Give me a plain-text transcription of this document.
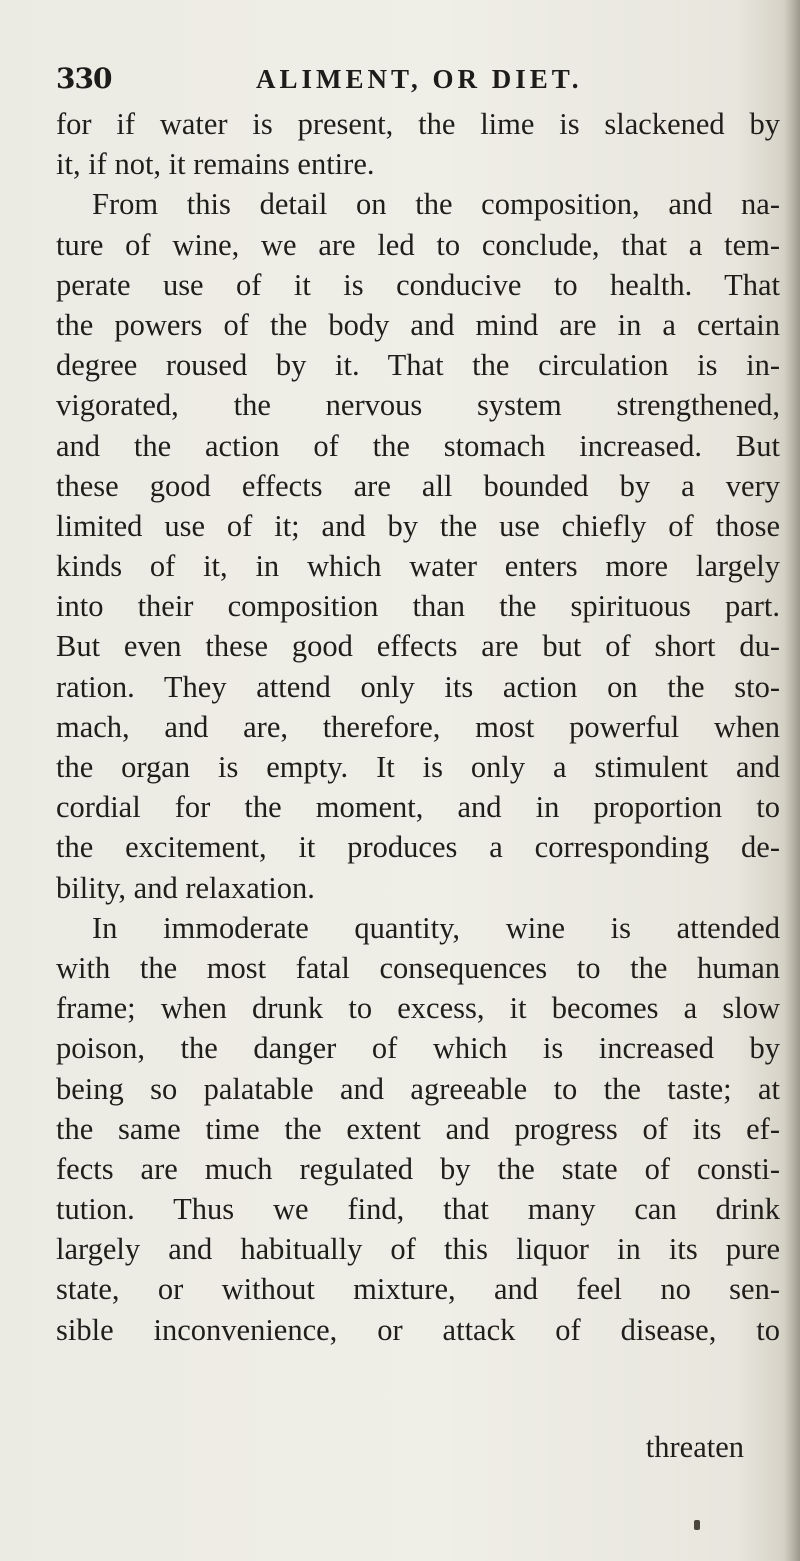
330	ALIMENT, OR DIET.
for if water is present, the lime is slackened by
it, if not, it remains entire.
From this detail on the composition, and na-
ture of wine, we are led to conclude, that a tem-
perate use of it is conducive to health. That
the powers of the body and mind are in a certain
degree roused by it. That the circulation is in-
vigorated, the nervous system strengthened,
and the action of the stomach increased. But
these good effects are all bounded by a very
limited use of it; and by the use chiefly of those
kinds of it, in which water enters more largely
into their composition than the spirituous part.
But even these good effects are but of short du-
ration. They attend only its action on the sto-
mach, and are, therefore, most powerful when
the organ is empty. It is only a stimulent and
cordial for the moment, and in proportion to
the excitement, it produces a corresponding de-
bility, and relaxation.
In immoderate quantity, wine is attended
with the most fatal consequences to the human
frame; when drunk to excess, it becomes a slow
poison, the danger of which is increased by
being so palatable and agreeable to the taste; at
the same time the extent and progress of its ef-
fects are much regulated by the state of consti-
tution. Thus we find, that many can drink
largely and habitually of this liquor in its pure
state, or without mixture, and feel no sen-
sible inconvenience, or attack of disease, to
threaten
